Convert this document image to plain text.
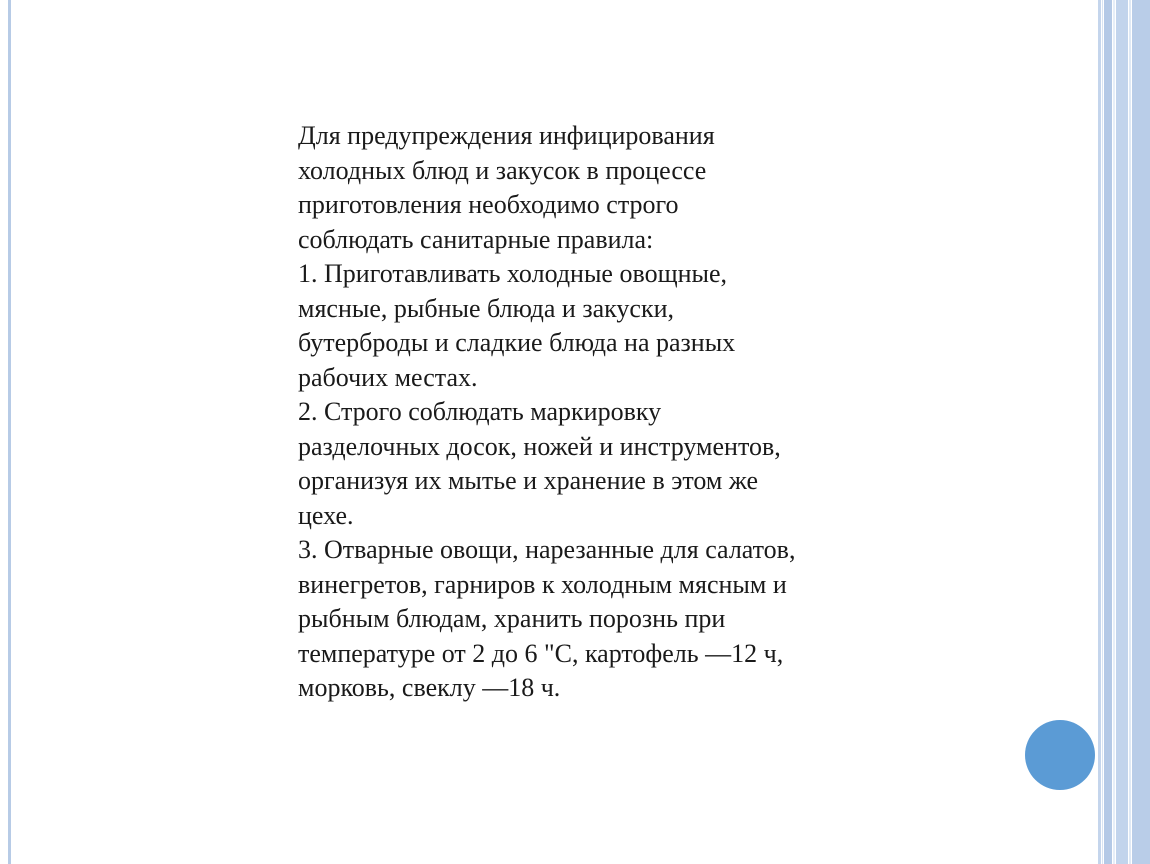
Для предупреждения инфицирования

холодных блюд и закусок в процессе

приготовления необходимо строго

соблюдать санитарные правила:

1. Приготавливать холодные овощные,

мясные, рыбные блюда и закуски,

бутерброды и сладкие блюда на разных

рабочих местах.

2. Строго соблюдать маркировку

разделочных досок, ножей и инструментов,

организуя их мытье и хранение в этом же

цехе.

3. Отварные овощи, нарезанные для салатов,

винегретов, гарниров к холодным мясным и

рыбным блюдам, хранить порознь при

температуре от 2 до 6 "С, картофель —12 ч,

морковь, свеклу —18 ч.
